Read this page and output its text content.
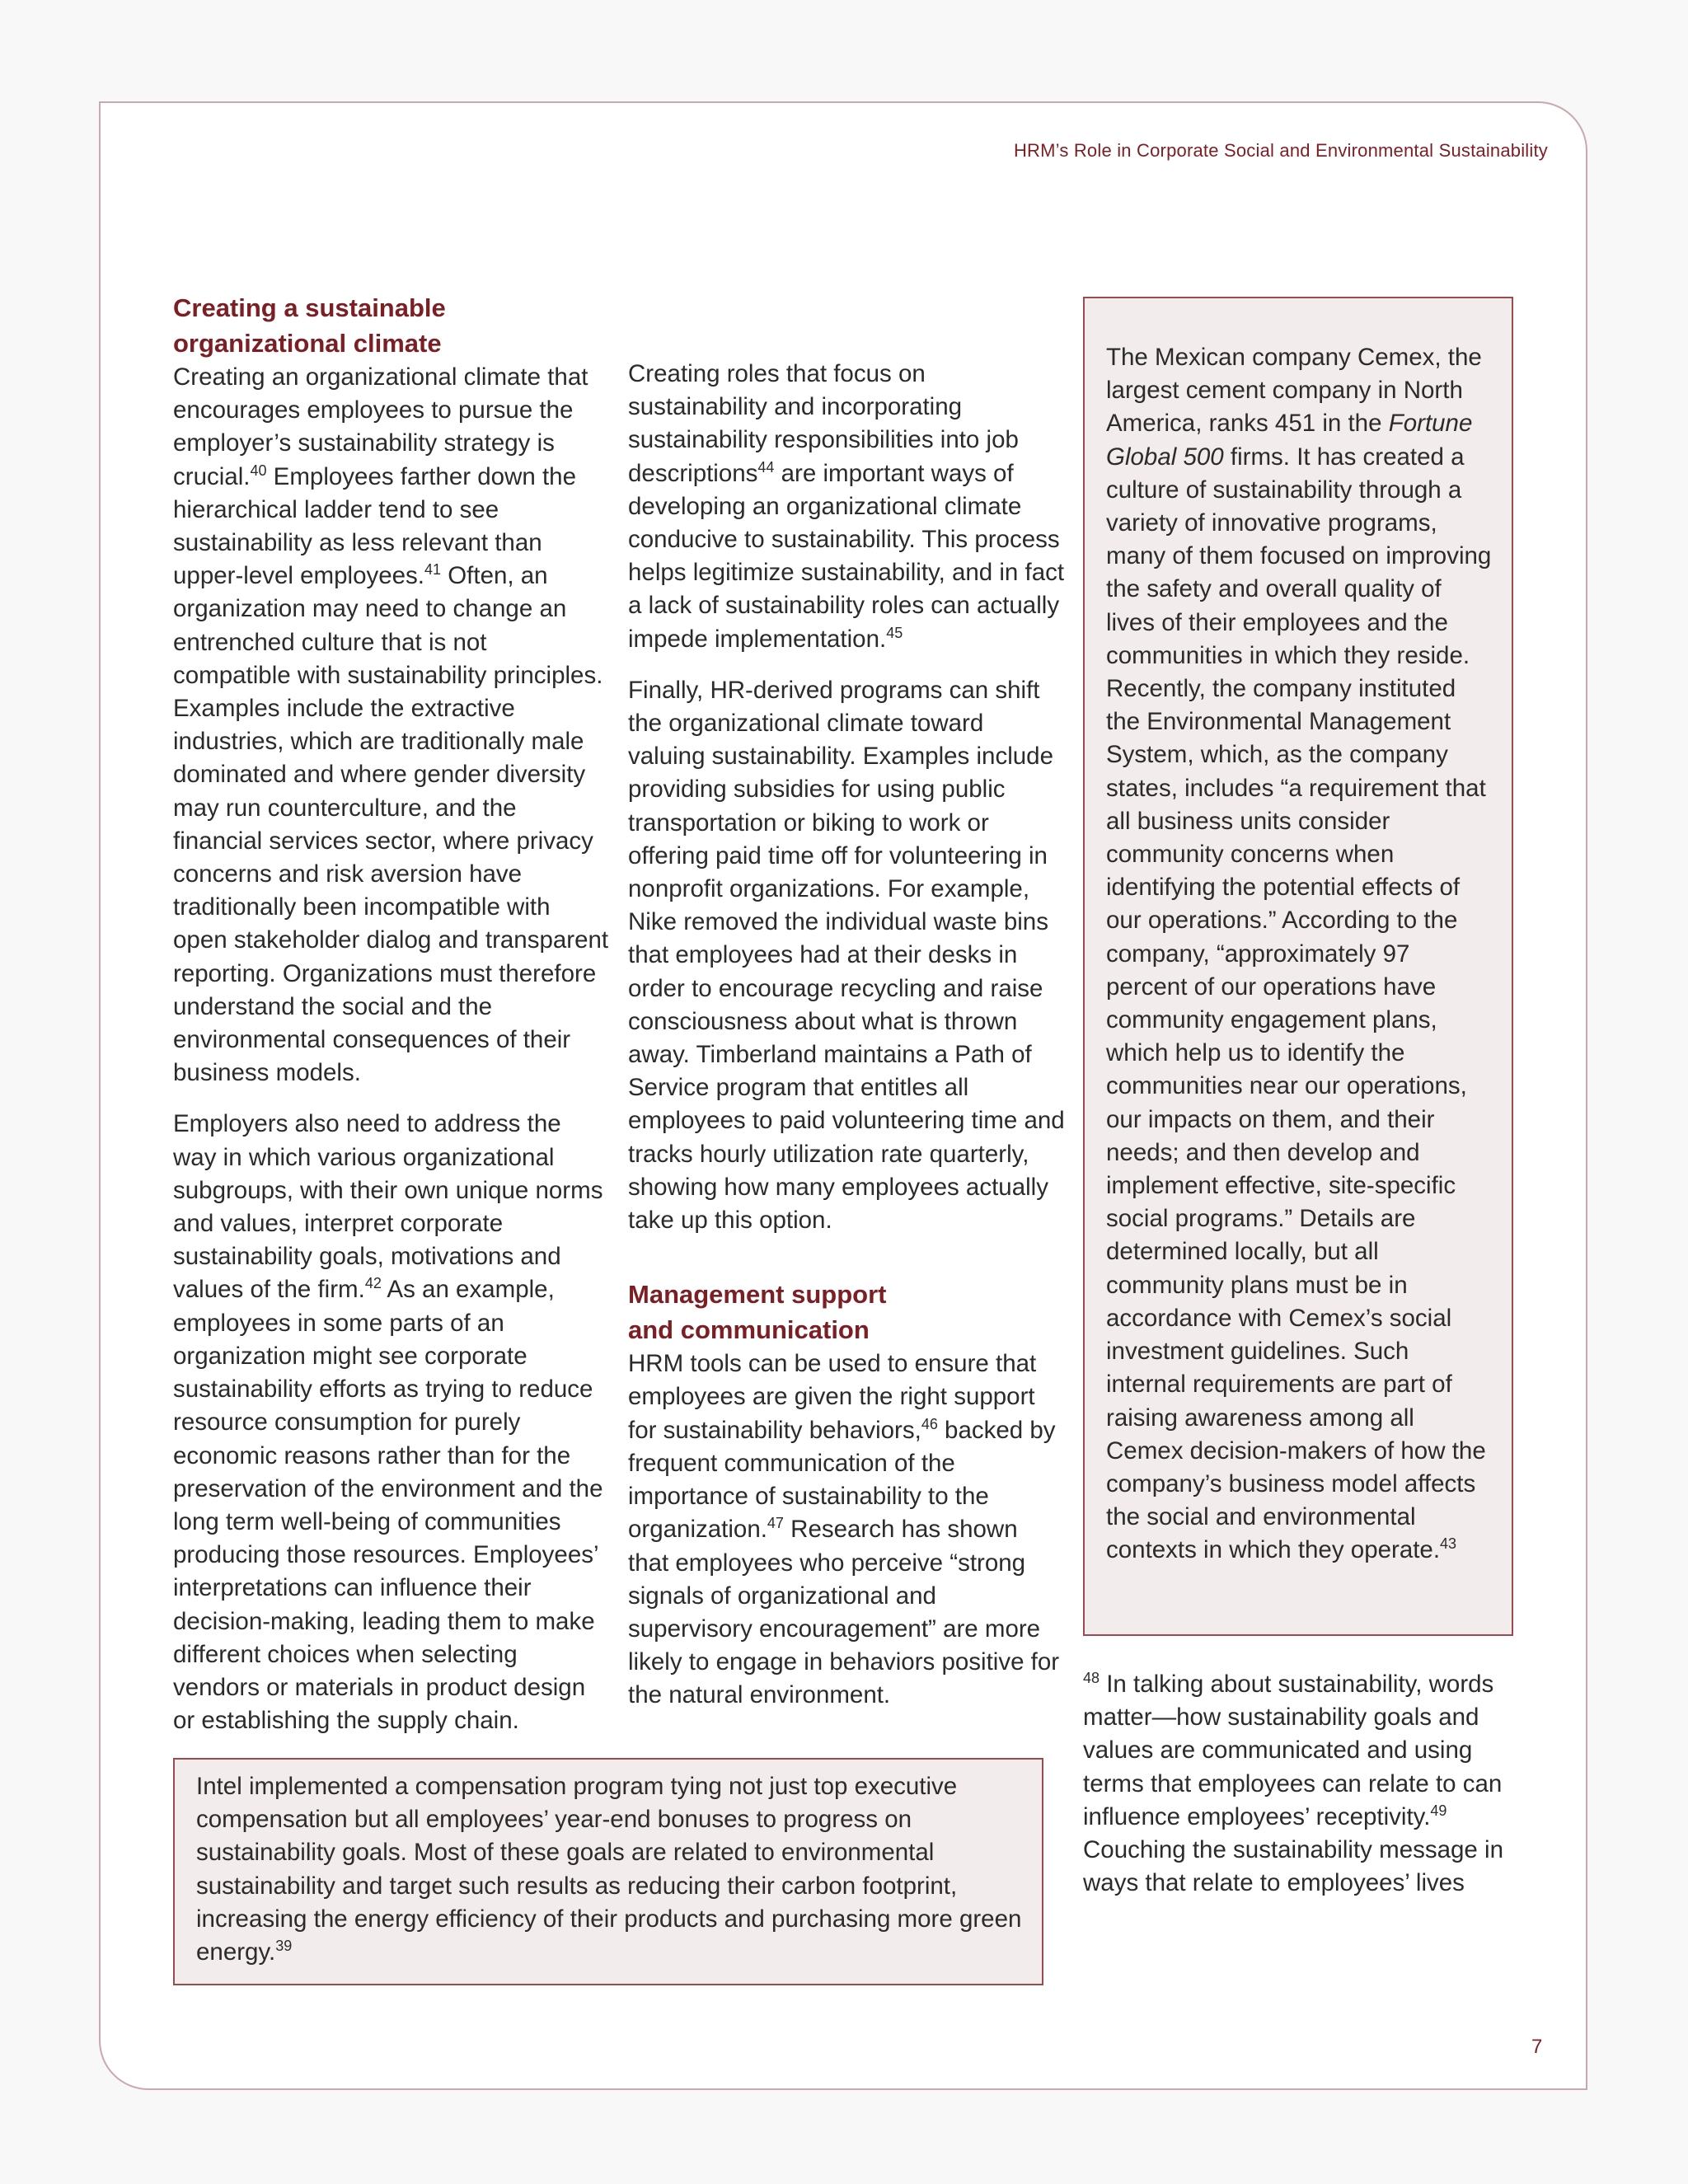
HRM’s Role in Corporate Social and Environmental Sustainability
Creating a sustainable
organizational climate

Creating an organizational climate that encourages employees to pursue the employer’s sustainability strategy is crucial.$^{40}$ Employees farther down the hierarchical ladder tend to see sustainability as less relevant than upper-level employees.$^{41}$ Often, an organization may need to change an entrenched culture that is not compatible with sustainability principles. Examples include the extractive industries, which are traditionally male dominated and where gender diversity may run counterculture, and the financial services sector, where privacy concerns and risk aversion have traditionally been incompatible with open stakeholder dialog and transparent reporting. Organizations must therefore understand the social and the environmental consequences of their business models.

Employers also need to address the way in which various organizational subgroups, with their own unique norms and values, interpret corporate sustainability goals, motivations and values of the firm.$^{42}$ As an example, employees in some parts of an organization might see corporate sustainability efforts as trying to reduce resource consumption for purely economic reasons rather than for the preservation of the environment and the long term well-being of communities producing those resources. Employees’ interpretations can influence their decision-making, leading them to make different choices when selecting vendors or materials in product design or establishing the supply chain.

Creating roles that focus on sustainability and incorporating sustainability responsibilities into job descriptions$^{44}$ are important ways of developing an organizational climate conducive to sustainability. This process helps legitimize sustainability, and in fact a lack of sustainability roles can actually impede implementation.$^{45}$

Finally, HR-derived programs can shift the organizational climate toward valuing sustainability. Examples include providing subsidies for using public transportation or biking to work or offering paid time off for volunteering in nonprofit organizations. For example, Nike removed the individual waste bins that employees had at their desks in order to encourage recycling and raise consciousness about what is thrown away. Timberland maintains a Path of Service program that entitles all employees to paid volunteering time and tracks hourly utilization rate quarterly, showing how many employees actually take up this option.

Management support
and communication

HRM tools can be used to ensure that employees are given the right support for sustainability behaviors,$^{46}$ backed by frequent communication of the importance of sustainability to the organization.$^{47}$ Research has shown that employees who perceive “strong signals of organizational and supervisory encouragement” are more likely to engage in behaviors positive for the natural environment.

The Mexican company Cemex, the largest cement company in North America, ranks 451 in the Fortune Global 500 firms. It has created a culture of sustainability through a variety of innovative programs, many of them focused on improving the safety and overall quality of lives of their employees and the communities in which they reside. Recently, the company instituted the Environmental Management System, which, as the company states, includes “a requirement that all business units consider community concerns when identifying the potential effects of our operations.” According to the company, “approximately 97 percent of our operations have community engagement plans, which help us to identify the communities near our operations, our impacts on them, and their needs; and then develop and implement effective, site-specific social programs.” Details are determined locally, but all community plans must be in accordance with Cemex’s social investment guidelines. Such internal requirements are part of raising awareness among all Cemex decision-makers of how the company’s business model affects the social and environmental contexts in which they operate.$^{43}$

$^{48}$ In talking about sustainability, words matter—how sustainability goals and values are communicated and using terms that employees can relate to can influence employees’ receptivity.$^{49}$ Couching the sustainability message in ways that relate to employees’ lives

Intel implemented a compensation program tying not just top executive compensation but all employees’ year-end bonuses to progress on sustainability goals. Most of these goals are related to environmental sustainability and target such results as reducing their carbon footprint, increasing the energy efficiency of their products and purchasing more green energy.$^{39}$
7
